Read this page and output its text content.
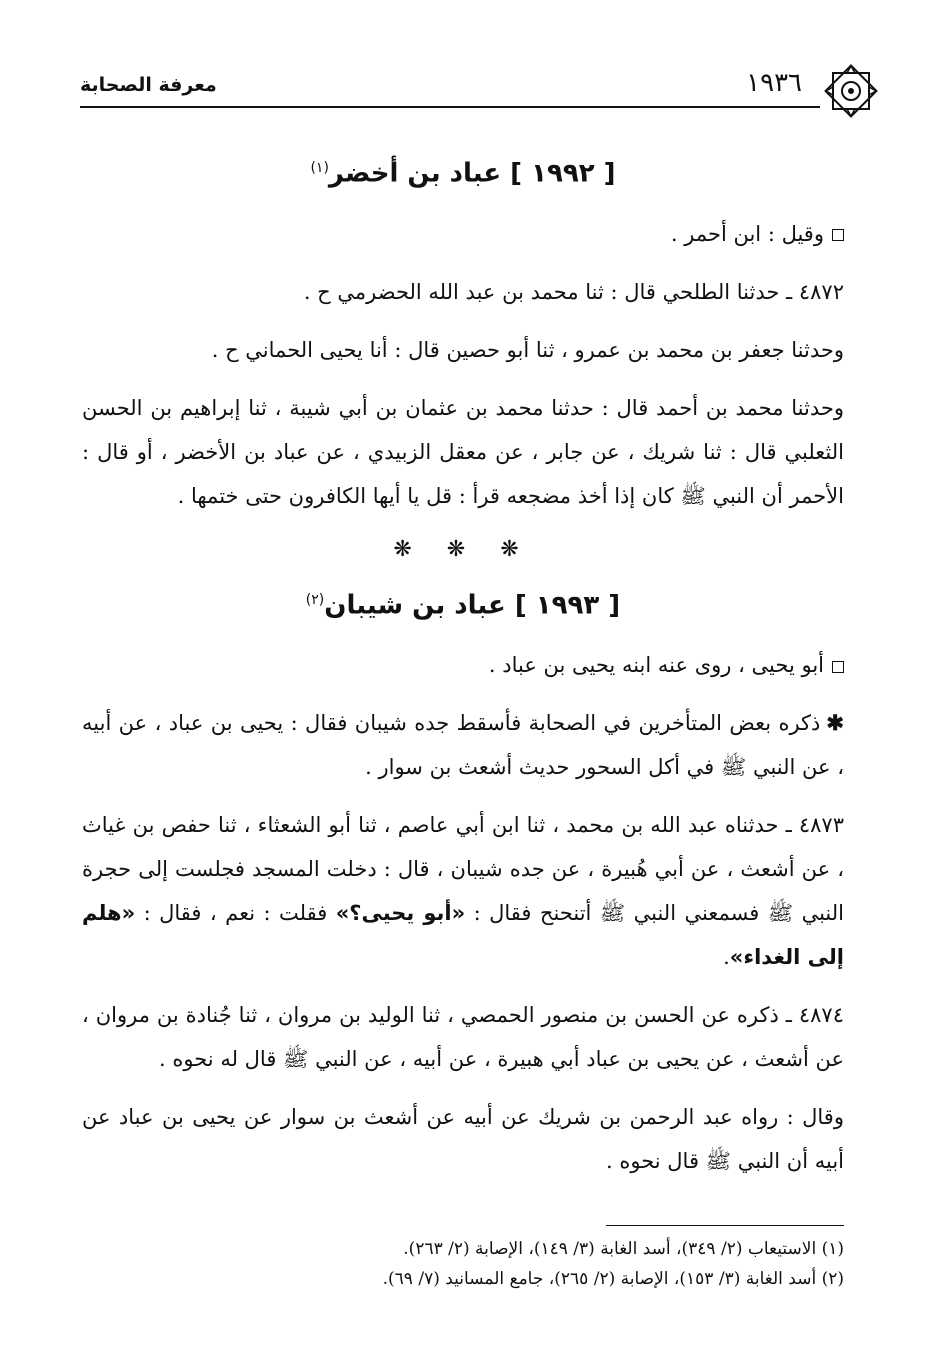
معرفة الصحابة	١٩٣٦
[ ١٩٩٢ ] عباد بن أخضر$^{(١)}$

وقيل : ابن أحمر .

٤٨٧٢ ـ حدثنا الطلحي قال : ثنا محمد بن عبد الله الحضرمي ح .

وحدثنا جعفر بن محمد بن عمرو ، ثنا أبو حصين قال : أنا يحيى الحماني ح .

وحدثنا محمد بن أحمد قال : حدثنا محمد بن عثمان بن أبي شيبة ، ثنا إبراهيم بن الحسن الثعلبي قال : ثنا شريك ، عن جابر ، عن معقل الزبيدي ، عن عباد بن الأخضر ، أو قال : الأحمر أن النبي ﷺ كان إذا أخذ مضجعه قرأ : قل يا أيها الكافرون حتى ختمها .

❋ ❋ ❋
[ ١٩٩٣ ] عباد بن شيبان$^{(٢)}$

أبو يحيى ، روى عنه ابنه يحيى بن عباد .

✱ذكره بعض المتأخرين في الصحابة فأسقط جده شيبان فقال : يحيى بن عباد ، عن أبيه ، عن النبي ﷺ في أكل السحور حديث أشعث بن سوار .

٤٨٧٣ ـ حدثناه عبد الله بن محمد ، ثنا ابن أبي عاصم ، ثنا أبو الشعثاء ، ثنا حفص بن غياث ، عن أشعث ، عن أبي هُبيرة ، عن جده شيبان ، قال : دخلت المسجد فجلست إلى حجرة النبي ﷺ فسمعني النبي ﷺ أتنحنح فقال : «أبو يحيى؟» فقلت : نعم ، فقال : «هلم إلى الغداء».

٤٨٧٤ ـ ذكره عن الحسن بن منصور الحمصي ، ثنا الوليد بن مروان ، ثنا جُنادة بن مروان ، عن أشعث ، عن يحيى بن عباد أبي هبيرة ، عن أبيه ، عن النبي ﷺ قال له نحوه .

وقال : رواه عبد الرحمن بن شريك عن أبيه عن أشعث بن سوار عن يحيى بن عباد عن أبيه أن النبي ﷺ قال نحوه .

(١) الاستيعاب (٢/ ٣٤٩)، أسد الغابة (٣/ ١٤٩)، الإصابة (٢/ ٢٦٣).
(٢) أسد الغابة (٣/ ١٥٣)، الإصابة (٢/ ٢٦٥)، جامع المسانيد (٧/ ٦٩).
